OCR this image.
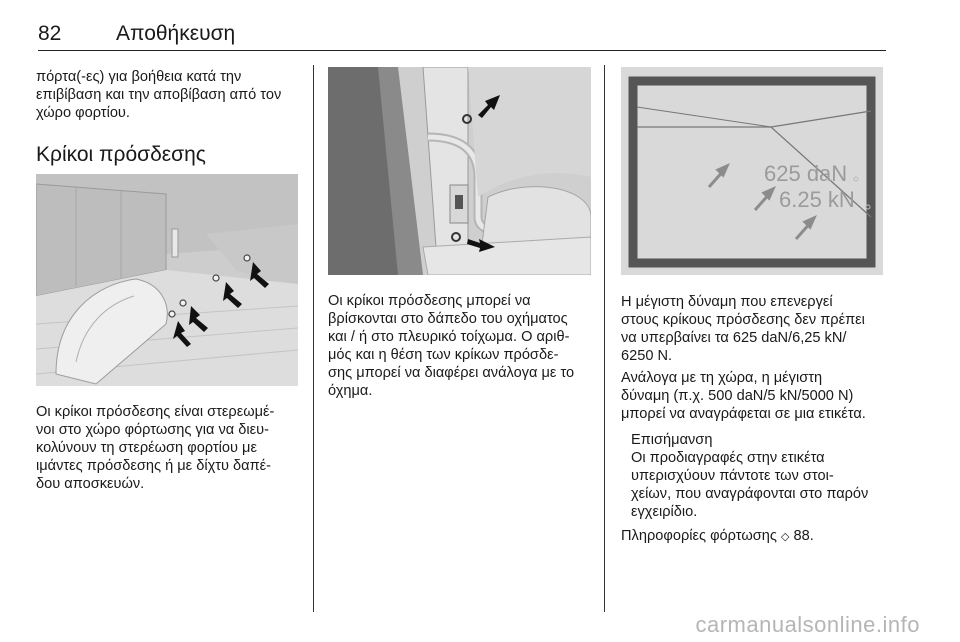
82	Αποθήκευση

πόρτα(-ες) για βοήθεια κατά την
επιβίβαση και την αποβίβαση από τον
χώρο φορτίου.

Κρίκοι πρόσδεσης

Οι κρίκοι πρόσδεσης είναι στερεωμέ-
νοι στο χώρο φόρτωσης για να διευ-
κολύνουν τη στερέωση φορτίου με
ιμάντες πρόσδεσης ή με δίχτυ δαπέ-
δου αποσκευών.

Οι κρίκοι πρόσδεσης μπορεί να
βρίσκονται στο δάπεδο του οχήματος
και / ή στο πλευρικό τοίχωμα. Ο αριθ-
μός και η θέση των κρίκων πρόσδε-
σης μπορεί να διαφέρει ανάλογα με το
όχημα.

625 daN
6.25 kN

Η μέγιστη δύναμη που επενεργεί
στους κρίκους πρόσδεσης δεν πρέπει
να υπερβαίνει τα 625 daN/6,25 kN/
6250 N.

Ανάλογα με τη χώρα, η μέγιστη
δύναμη (π.χ. 500 daN/5 kN/5000 N)
μπορεί να αναγράφεται σε μια ετικέτα.

Επισήμανση

Οι προδιαγραφές στην ετικέτα
υπερισχύουν πάντοτε των στοι-
χείων, που αναγράφονται στο παρόν
εγχειρίδιο.

Πληροφορίες φόρτωσης ◇ 88.
carmanualsonline.info
